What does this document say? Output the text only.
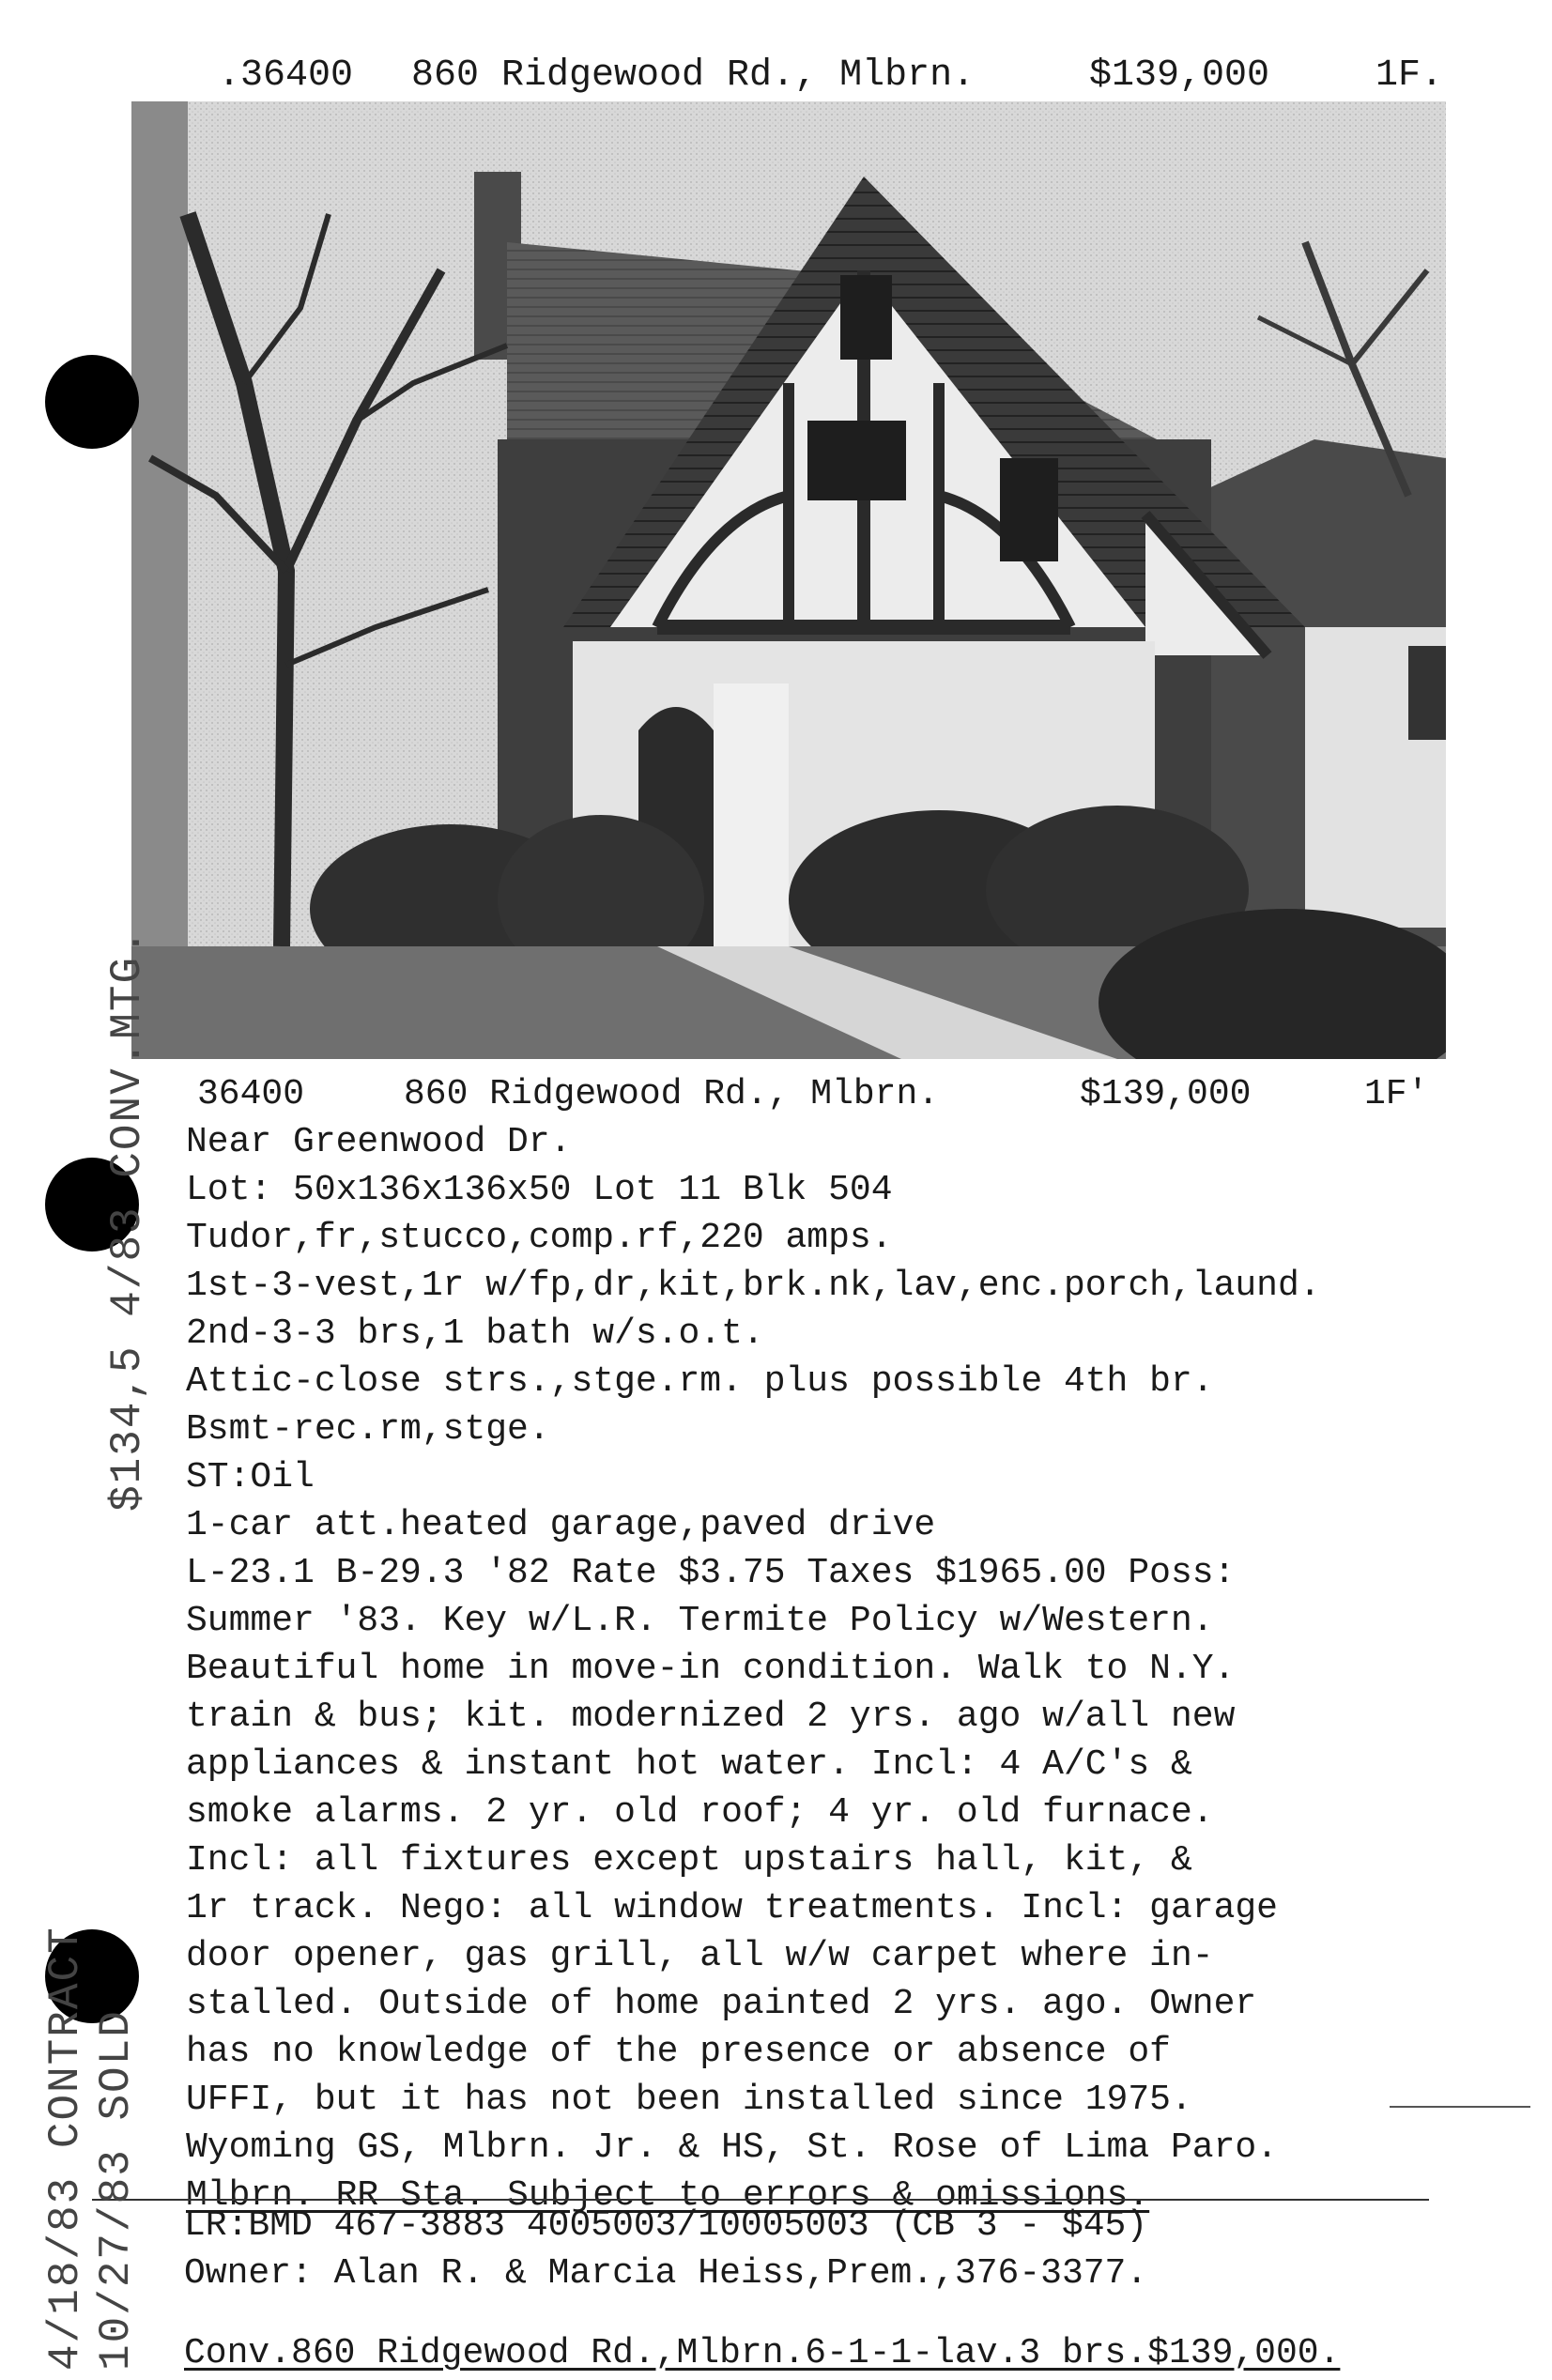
.36400 860 Ridgewood Rd., Mlbrn.	$139,000	1F.
36400	860 Ridgewood Rd., Mlbrn.	$139,000	1F'
Near Greenwood Dr.
Lot: 50x136x136x50 Lot 11 Blk 504
Tudor,fr,stucco,comp.rf,220 amps.
1st-3-vest,1r w/fp,dr,kit,brk.nk,lav,enc.porch,laund.
2nd-3-3 brs,1 bath w/s.o.t.
Attic-close strs.,stge.rm. plus possible 4th br.
Bsmt-rec.rm,stge.
ST:Oil
1-car att.heated garage,paved drive
L-23.1 B-29.3 '82 Rate $3.75 Taxes $1965.00 Poss:
Summer '83. Key w/L.R. Termite Policy w/Western.
Beautiful home in move-in condition. Walk to N.Y.
train & bus; kit. modernized 2 yrs. ago w/all new
appliances & instant hot water. Incl: 4 A/C's &
smoke alarms. 2 yr. old roof; 4 yr. old furnace.
Incl: all fixtures except upstairs hall, kit, &
1r track. Nego: all window treatments. Incl: garage
door opener, gas grill, all w/w carpet where in-
stalled. Outside of home painted 2 yrs. ago. Owner
has no knowledge of the presence or absence of
UFFI, but it has not been installed since 1975.
Wyoming GS, Mlbrn. Jr. & HS, St. Rose of Lima Paro.
Mlbrn. RR Sta. Subject to errors & omissions.
LR:BMD 467-3883 4005003/10005003 (CB 3 - $45)
Owner: Alan R. & Marcia Heiss,Prem.,376-3377.
Conv.860 Ridgewood Rd.,Mlbrn.6-1-1-lav.3 brs.$139,000.
$134,5 4/83 CONV.MTG.
4/18/83 CONTRACT 10/27/83 SOLD
